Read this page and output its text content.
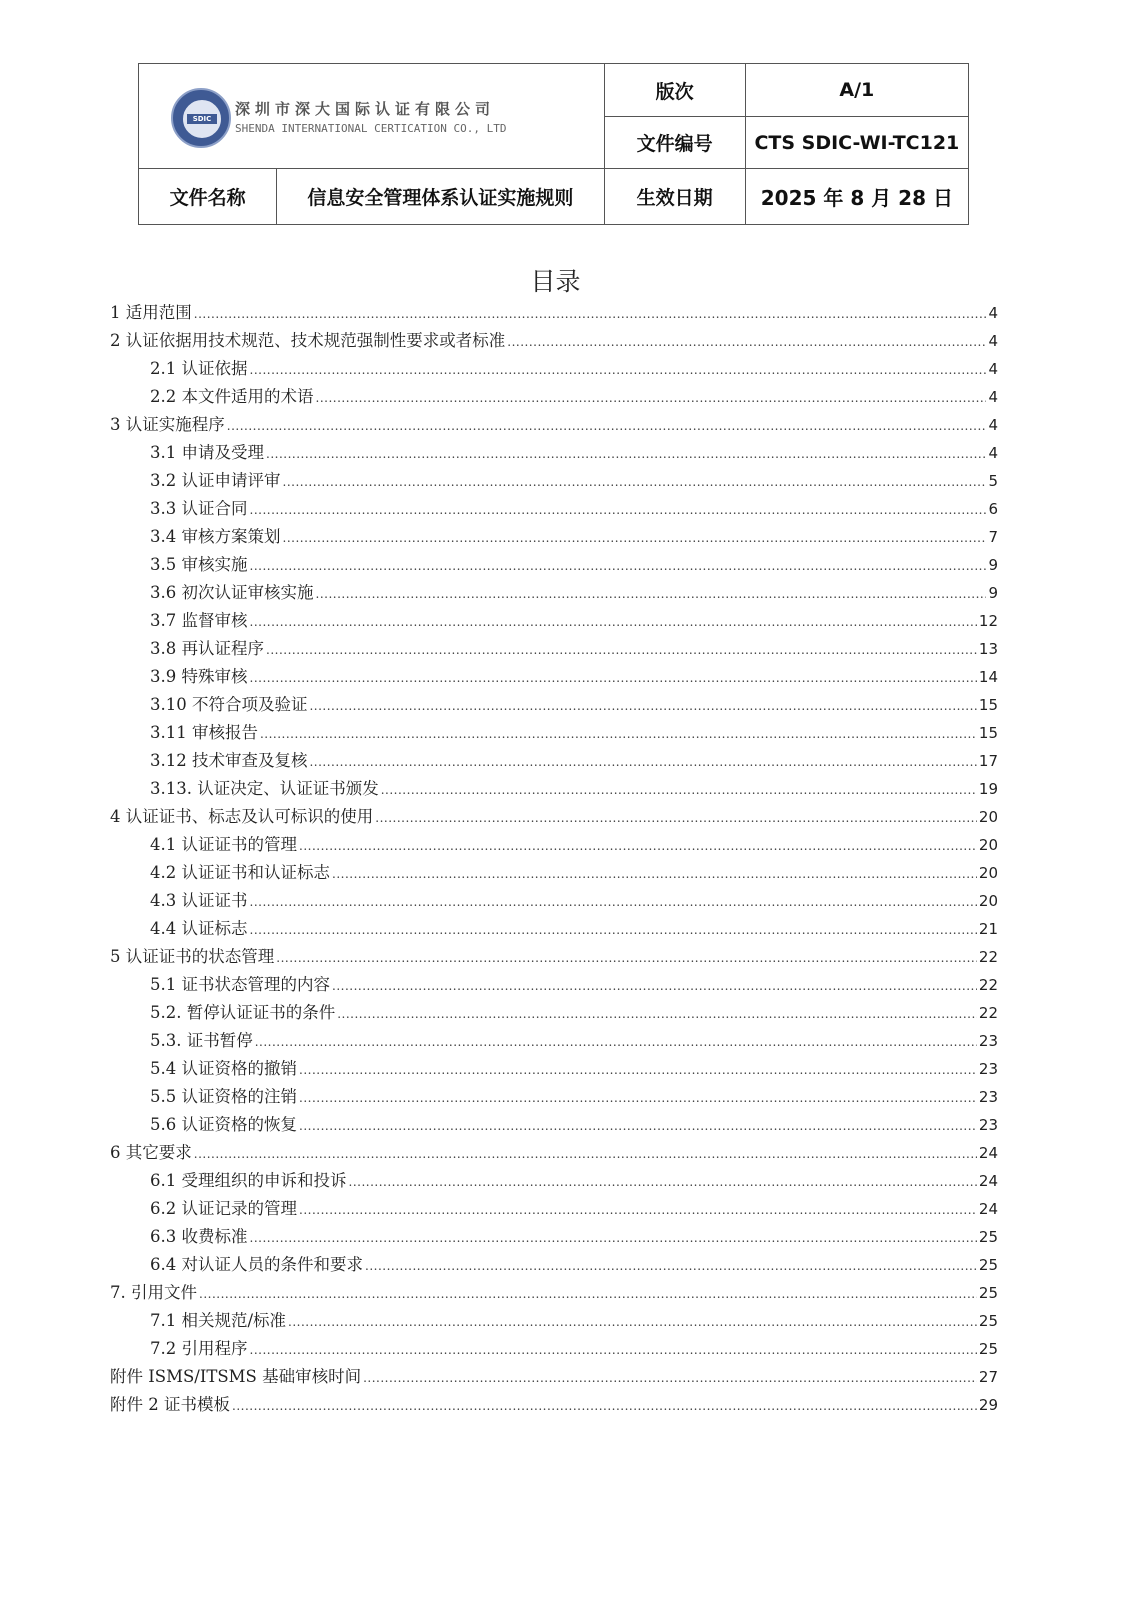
SDIC
深圳市深大国际认证有限公司
SHENDA INTERNATIONAL CERTICATION CO., LTD		版次	A/1
		文件编号	CTS SDIC-WI-TC121
文件名称	信息安全管理体系认证实施规则	生效日期	2025 年 8 月 28 日
目录
1 适用范围 .....	4
2 认证依据用技术规范、技术规范强制性要求或者标准 .....	4
2.1 认证依据 .....	4
2.2 本文件适用的术语 .....	4
3 认证实施程序 .....	4
3.1 申请及受理 .....	4
3.2 认证申请评审 .....	5
3.3 认证合同 .....	6
3.4 审核方案策划 .....	7
3.5 审核实施 .....	9
3.6 初次认证审核实施 .....	9
3.7 监督审核 .....	12
3.8 再认证程序 .....	13
3.9 特殊审核 .....	14
3.10 不符合项及验证 .....	15
3.11 审核报告 .....	15
3.12 技术审查及复核 .....	17
3.13. 认证决定、认证证书颁发 .....	19
4 认证证书、标志及认可标识的使用 .....	20
4.1 认证证书的管理 .....	20
4.2 认证证书和认证标志 .....	20
4.3 认证证书 .....	20
4.4 认证标志 .....	21
5 认证证书的状态管理 .....	22
5.1 证书状态管理的内容 .....	22
5.2. 暂停认证证书的条件 .....	22
5.3. 证书暂停 .....	23
5.4 认证资格的撤销 .....	23
5.5 认证资格的注销 .....	23
5.6 认证资格的恢复 .....	23
6 其它要求 .....	24
6.1 受理组织的申诉和投诉 .....	24
6.2 认证记录的管理 .....	24
6.3 收费标准 .....	25
6.4 对认证人员的条件和要求 .....	25
7. 引用文件 .....	25
7.1 相关规范/标准 .....	25
7.2 引用程序 .....	25
附件 ISMS/ITSMS 基础审核时间 .....	27
附件 2 证书模板 .....	29
